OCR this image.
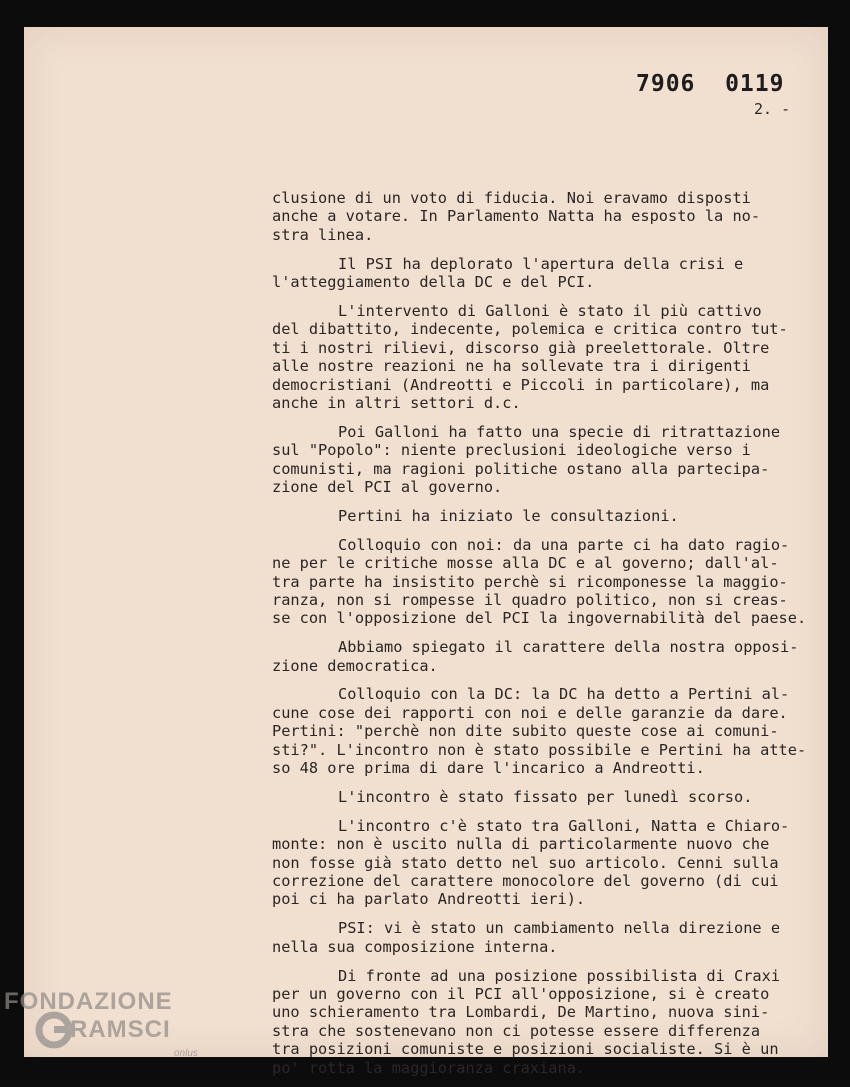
7906  0119
2. -
clusione di un voto di fiducia. Noi eravamo disposti
anche a votare. In Parlamento Natta ha esposto la no-
stra linea.
Il PSI ha deplorato l'apertura della crisi e
l'atteggiamento della DC e del PCI.
L'intervento di Galloni è stato il più cattivo
del dibattito, indecente, polemica e critica contro tut-
ti i nostri rilievi, discorso già preelettorale. Oltre
alle nostre reazioni ne ha sollevate tra i dirigenti
democristiani (Andreotti e Piccoli in particolare), ma
anche in altri settori d.c.
Poi Galloni ha fatto una specie di ritrattazione
sul "Popolo": niente preclusioni ideologiche verso i
comunisti, ma ragioni politiche ostano alla partecipa-
zione del PCI al governo.
Pertini ha iniziato le consultazioni.
Colloquio con noi: da una parte ci ha dato ragio-
ne per le critiche mosse alla DC e al governo; dall'al-
tra parte ha insistito perchè si ricomponesse la maggio-
ranza, non si rompesse il quadro politico, non si creas-
se con l'opposizione del PCI la ingovernabilità del paese.
Abbiamo spiegato il carattere della nostra opposi-
zione democratica.
Colloquio con la DC: la DC ha detto a Pertini al-
cune cose dei rapporti con noi e delle garanzie da dare.
Pertini: "perchè non dite subito queste cose ai comuni-
sti?". L'incontro non è stato possibile e Pertini ha atte-
so 48 ore prima di dare l'incarico a Andreotti.
L'incontro è stato fissato per lunedì scorso.
L'incontro c'è stato tra Galloni, Natta e Chiaro-
monte: non è uscito nulla di particolarmente nuovo che
non fosse già stato detto nel suo articolo. Cenni sulla
correzione del carattere monocolore del governo (di cui
poi ci ha parlato Andreotti ieri).
PSI: vi è stato un cambiamento nella direzione e
nella sua composizione interna.
Di fronte ad una posizione possibilista di Craxi
per un governo con il PCI all'opposizione, si è creato
uno schieramento tra Lombardi, De Martino, nuova sini-
stra che sostenevano non ci potesse essere differenza
tra posizioni comuniste e posizioni socialiste. Si è un
po' rotta la maggioranza craxiana.
FONDAZIONE
RAMSCI
onlus
